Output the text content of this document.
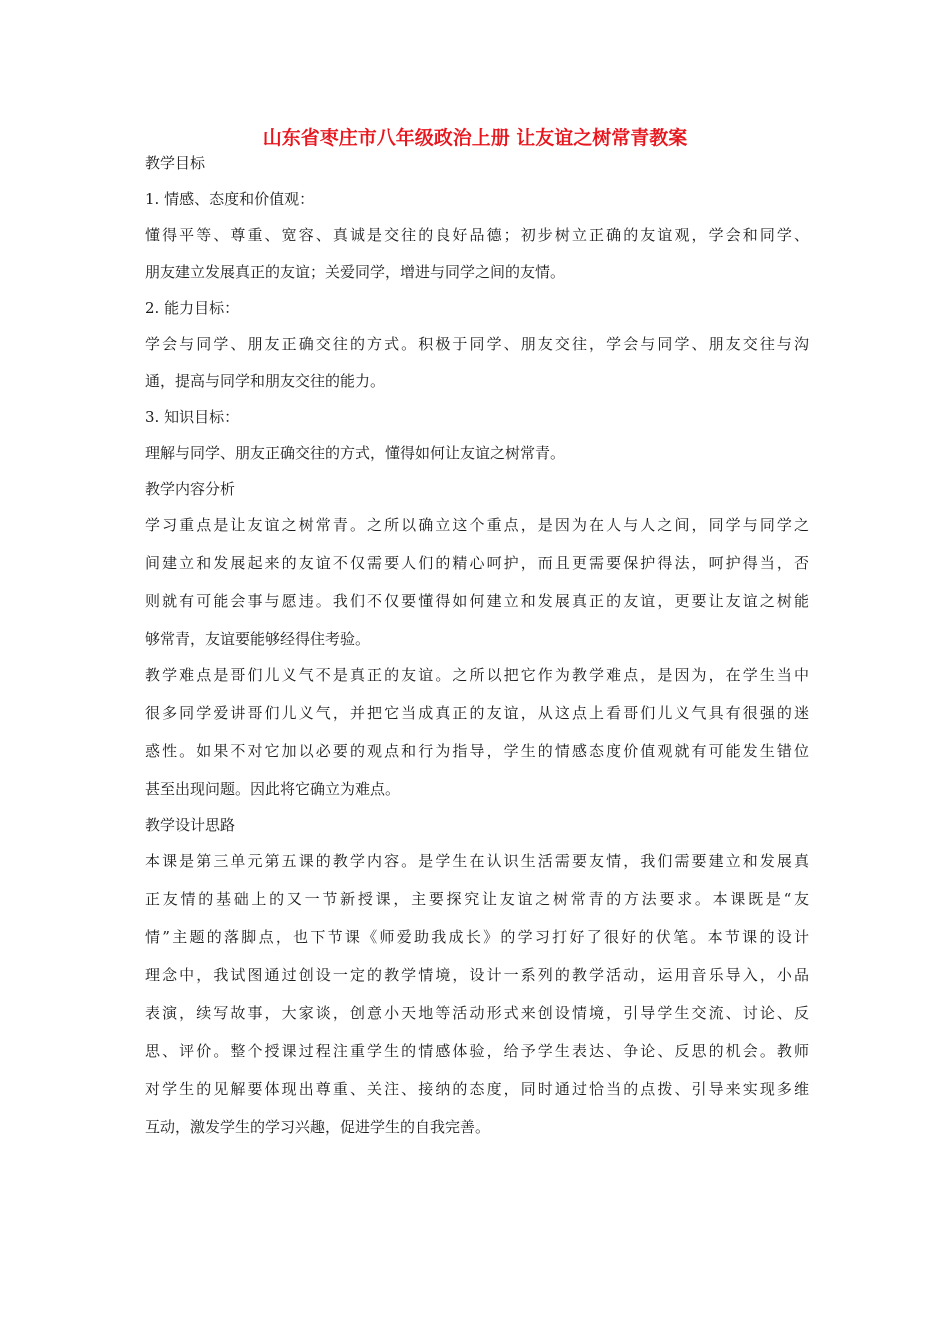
山东省枣庄市八年级政治上册 让友谊之树常青教案
教学目标
1. 情感、态度和价值观：
懂得平等、尊重、宽容、真诚是交往的良好品德；初步树立正确的友谊观，学会和同学、
朋友建立发展真正的友谊；关爱同学，增进与同学之间的友情。
2. 能力目标：
学会与同学、朋友正确交往的方式。积极于同学、朋友交往，学会与同学、朋友交往与沟
通，提高与同学和朋友交往的能力。
3. 知识目标：
理解与同学、朋友正确交往的方式，懂得如何让友谊之树常青。
教学内容分析
学习重点是让友谊之树常青。之所以确立这个重点，是因为在人与人之间，同学与同学之
间建立和发展起来的友谊不仅需要人们的精心呵护，而且更需要保护得法，呵护得当，否
则就有可能会事与愿违。我们不仅要懂得如何建立和发展真正的友谊，更要让友谊之树能
够常青，友谊要能够经得住考验。
教学难点是哥们儿义气不是真正的友谊。之所以把它作为教学难点，是因为，在学生当中
很多同学爱讲哥们儿义气，并把它当成真正的友谊，从这点上看哥们儿义气具有很强的迷
惑性。如果不对它加以必要的观点和行为指导，学生的情感态度价值观就有可能发生错位
甚至出现问题。因此将它确立为难点。
教学设计思路
本课是第三单元第五课的教学内容。是学生在认识生活需要友情，我们需要建立和发展真
正友情的基础上的又一节新授课，主要探究让友谊之树常青的方法要求。本课既是“友
情”主题的落脚点，也下节课《师爱助我成长》的学习打好了很好的伏笔。本节课的设计
理念中，我试图通过创设一定的教学情境，设计一系列的教学活动，运用音乐导入，小品
表演，续写故事，大家谈，创意小天地等活动形式来创设情境，引导学生交流、讨论、反
思、评价。整个授课过程注重学生的情感体验，给予学生表达、争论、反思的机会。教师
对学生的见解要体现出尊重、关注、接纳的态度，同时通过恰当的点拨、引导来实现多维
互动，激发学生的学习兴趣，促进学生的自我完善。
